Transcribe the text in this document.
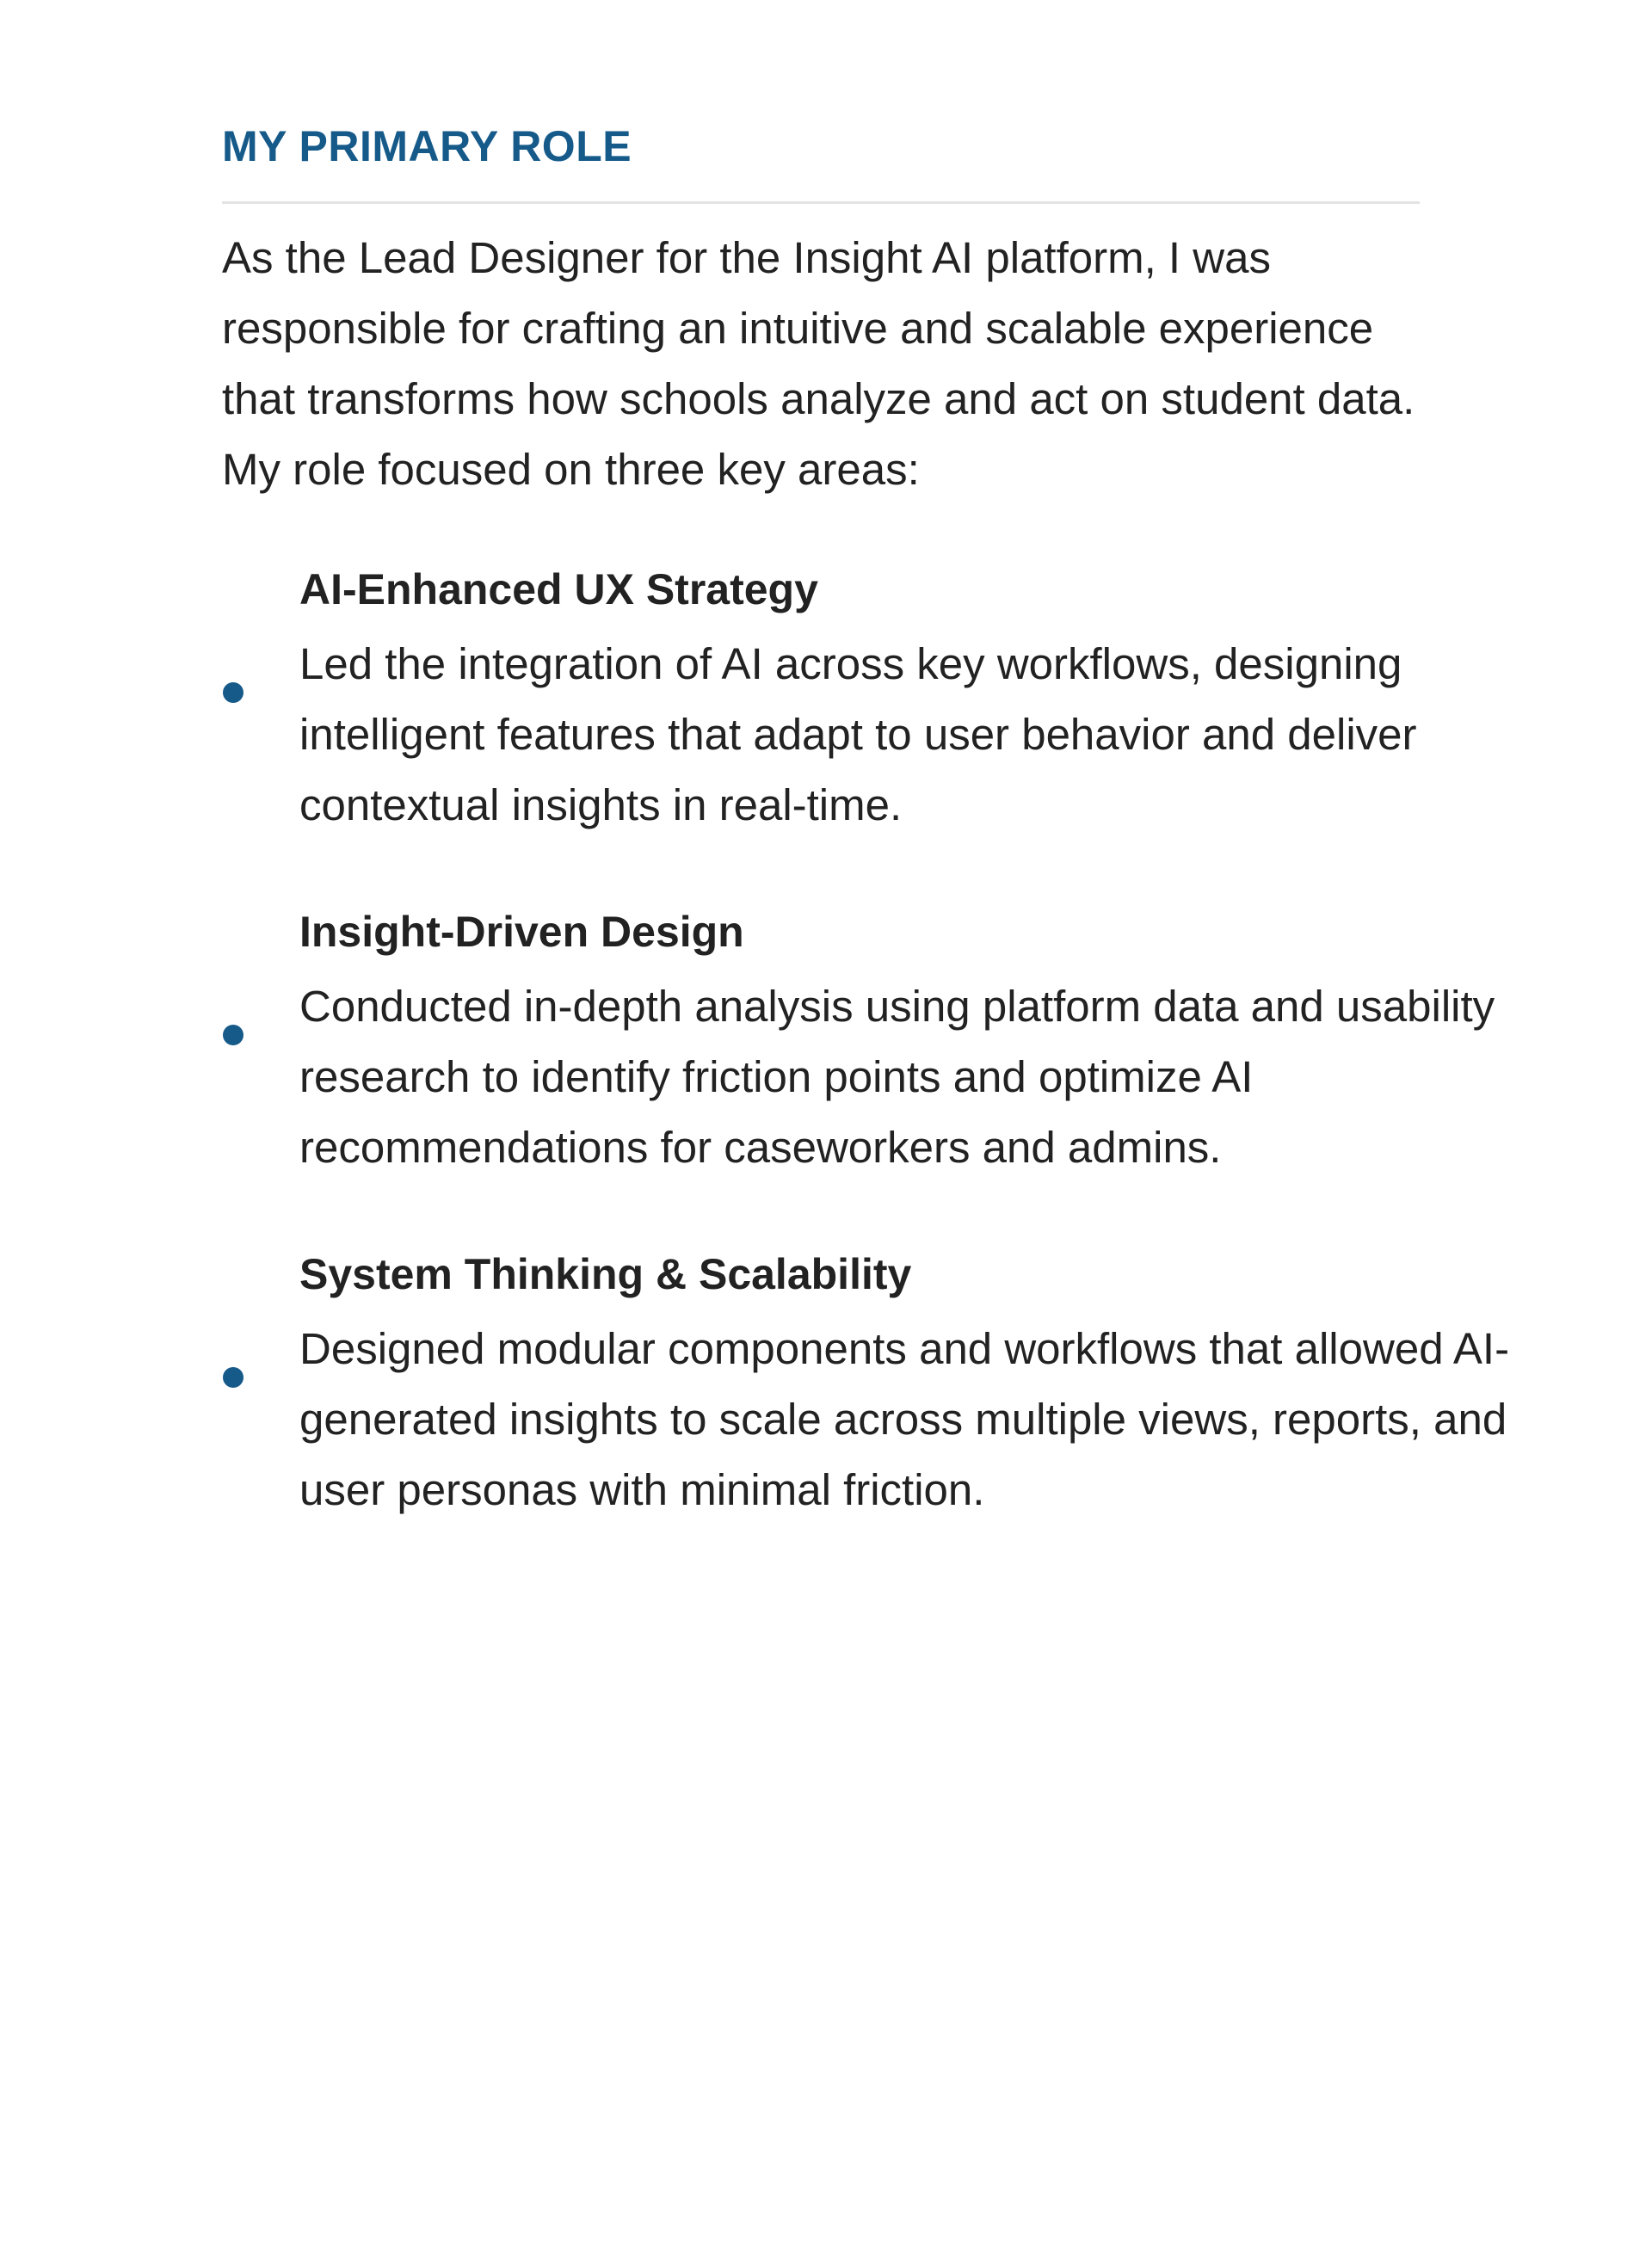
MY PRIMARY ROLE

As the Lead Designer for the Insight AI platform, I was responsible for crafting an intuitive and scalable experience that transforms how schools analyze and act on student data. My role focused on three key areas:

AI-Enhanced UX Strategy

Led the integration of AI across key workflows, designing intelligent features that adapt to user behavior and deliver contextual insights in real-time.

Insight-Driven Design

Conducted in-depth analysis using platform data and usability research to identify friction points and optimize AI recommendations for caseworkers and admins.

System Thinking & Scalability

Designed modular components and workflows that allowed AI-generated insights to scale across multiple views, reports, and user personas with minimal friction.
